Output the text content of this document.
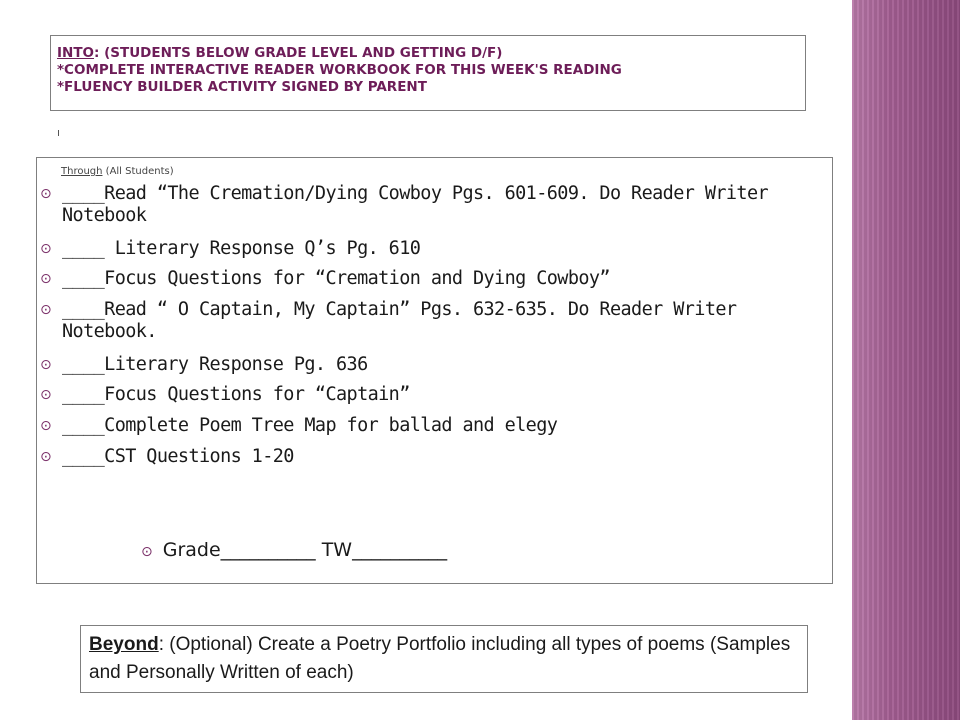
INTO: (STUDENTS BELOW GRADE LEVEL AND GETTING D/F)
*COMPLETE INTERACTIVE READER WORKBOOK FOR THIS WEEK'S READING
*FLUENCY BUILDER ACTIVITY SIGNED BY PARENT
Through (All Students)
⊙ ____Read “The Cremation/Dying Cowboy Pgs. 601-609. Do Reader Writer Notebook
⊙ ____ Literary Response Q’s Pg. 610
⊙ ____Focus Questions for “Cremation and Dying Cowboy”
⊙ ____Read “ O Captain, My Captain” Pgs. 632-635. Do Reader Writer Notebook.
⊙ ____Literary Response Pg. 636
⊙ ____Focus Questions for “Captain”
⊙ ____Complete Poem Tree Map for ballad and elegy
⊙ ____CST Questions 1-20
⊙ Grade__________ TW__________
Beyond: (Optional) Create a Poetry Portfolio including all types of poems (Samples and Personally Written of each)
